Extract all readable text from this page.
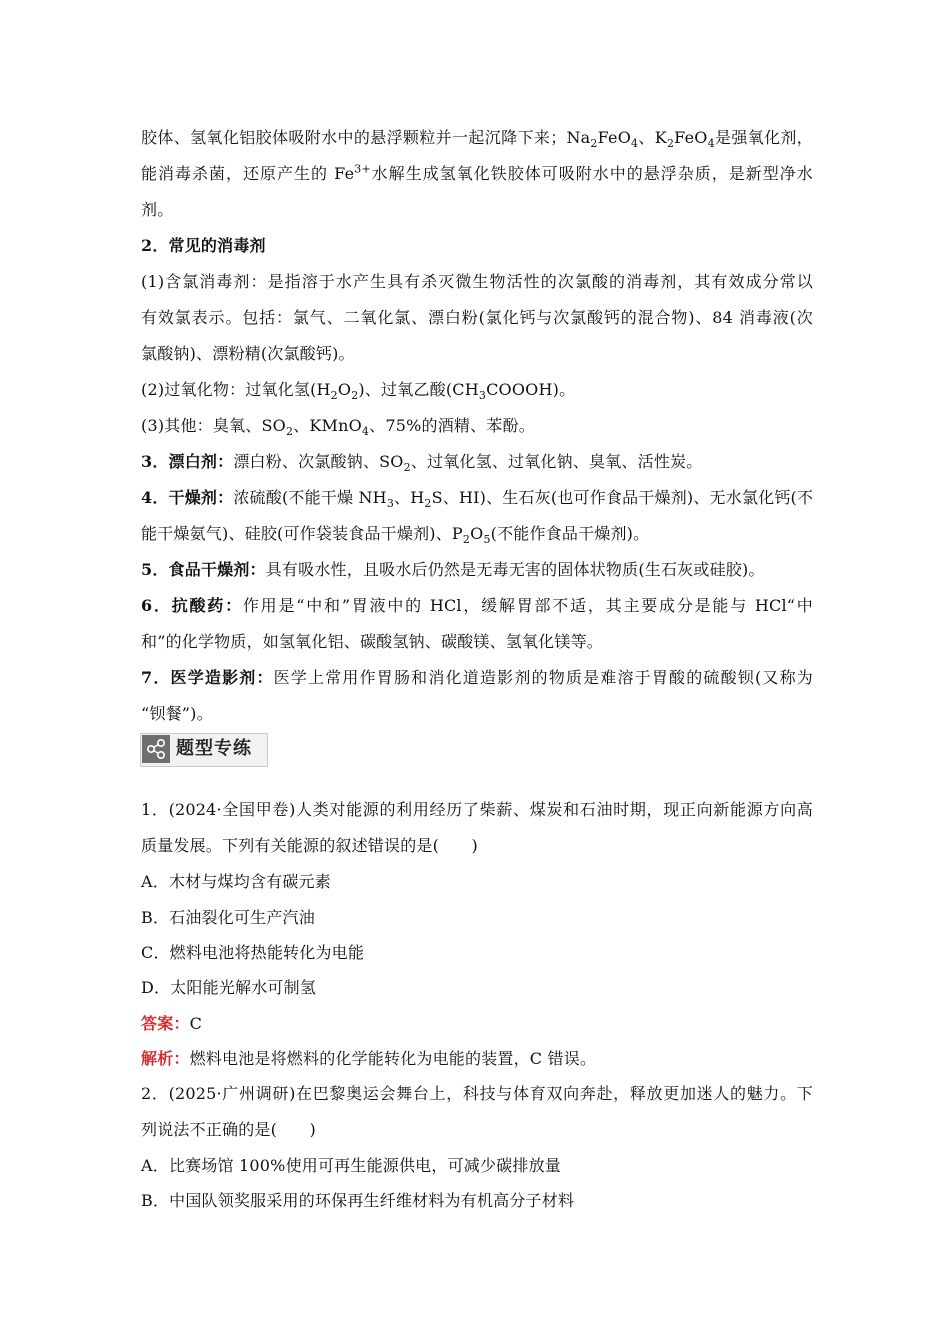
胶体、氢氧化铝胶体吸附水中的悬浮颗粒并一起沉降下来；$Na_2FeO_4$、$K_2FeO_4$是强氧化剂，
能消毒杀菌，还原产生的 $Fe^{3+}$水解生成氢氧化铁胶体可吸附水中的悬浮杂质，是新型净水
剂。
2．常见的消毒剂
(1)含氯消毒剂：是指溶于水产生具有杀灭微生物活性的次氯酸的消毒剂，其有效成分常以
有效氯表示。包括：氯气、二氧化氯、漂白粉(氯化钙与次氯酸钙的混合物)、84 消毒液(次
氯酸钠)、漂粉精(次氯酸钙)。
(2)过氧化物：过氧化氢$(H_2O_2)$、过氧乙酸$(CH_3COOOH)$。
(3)其他：臭氧、$SO_2$、KMnO$_4$、75%的酒精、苯酚。
3．漂白剂：漂白粉、次氯酸钠、$SO_2$、过氧化氢、过氧化钠、臭氧、活性炭。
4．干燥剂：浓硫酸(不能干燥 $NH_3$、$H_2S$、HI)、生石灰(也可作食品干燥剂)、无水氯化钙(不
能干燥氨气)、硅胶(可作袋装食品干燥剂)、$P_2O_5$(不能作食品干燥剂)。
5．食品干燥剂：具有吸水性，且吸水后仍然是无毒无害的固体状物质(生石灰或硅胶)。
6．抗酸药：作用是“中和”胃液中的 HCl，缓解胃部不适，其主要成分是能与 HCl“中
和”的化学物质，如氢氧化铝、碳酸氢钠、碳酸镁、氢氧化镁等。
7．医学造影剂：医学上常用作胃肠和消化道造影剂的物质是难溶于胃酸的硫酸钡(又称为
“钡餐”)。
题型专练
1．(2024·全国甲卷)人类对能源的利用经历了柴薪、煤炭和石油时期，现正向新能源方向高
质量发展。下列有关能源的叙述错误的是(　　)
A．木材与煤均含有碳元素
B．石油裂化可生产汽油
C．燃料电池将热能转化为电能
D．太阳能光解水可制氢
答案：C
解析：燃料电池是将燃料的化学能转化为电能的装置，C 错误。
2．(2025·广州调研)在巴黎奥运会舞台上，科技与体育双向奔赴，释放更加迷人的魅力。下
列说法不正确的是(　　)
A．比赛场馆 100%使用可再生能源供电，可减少碳排放量
B．中国队领奖服采用的环保再生纤维材料为有机高分子材料
